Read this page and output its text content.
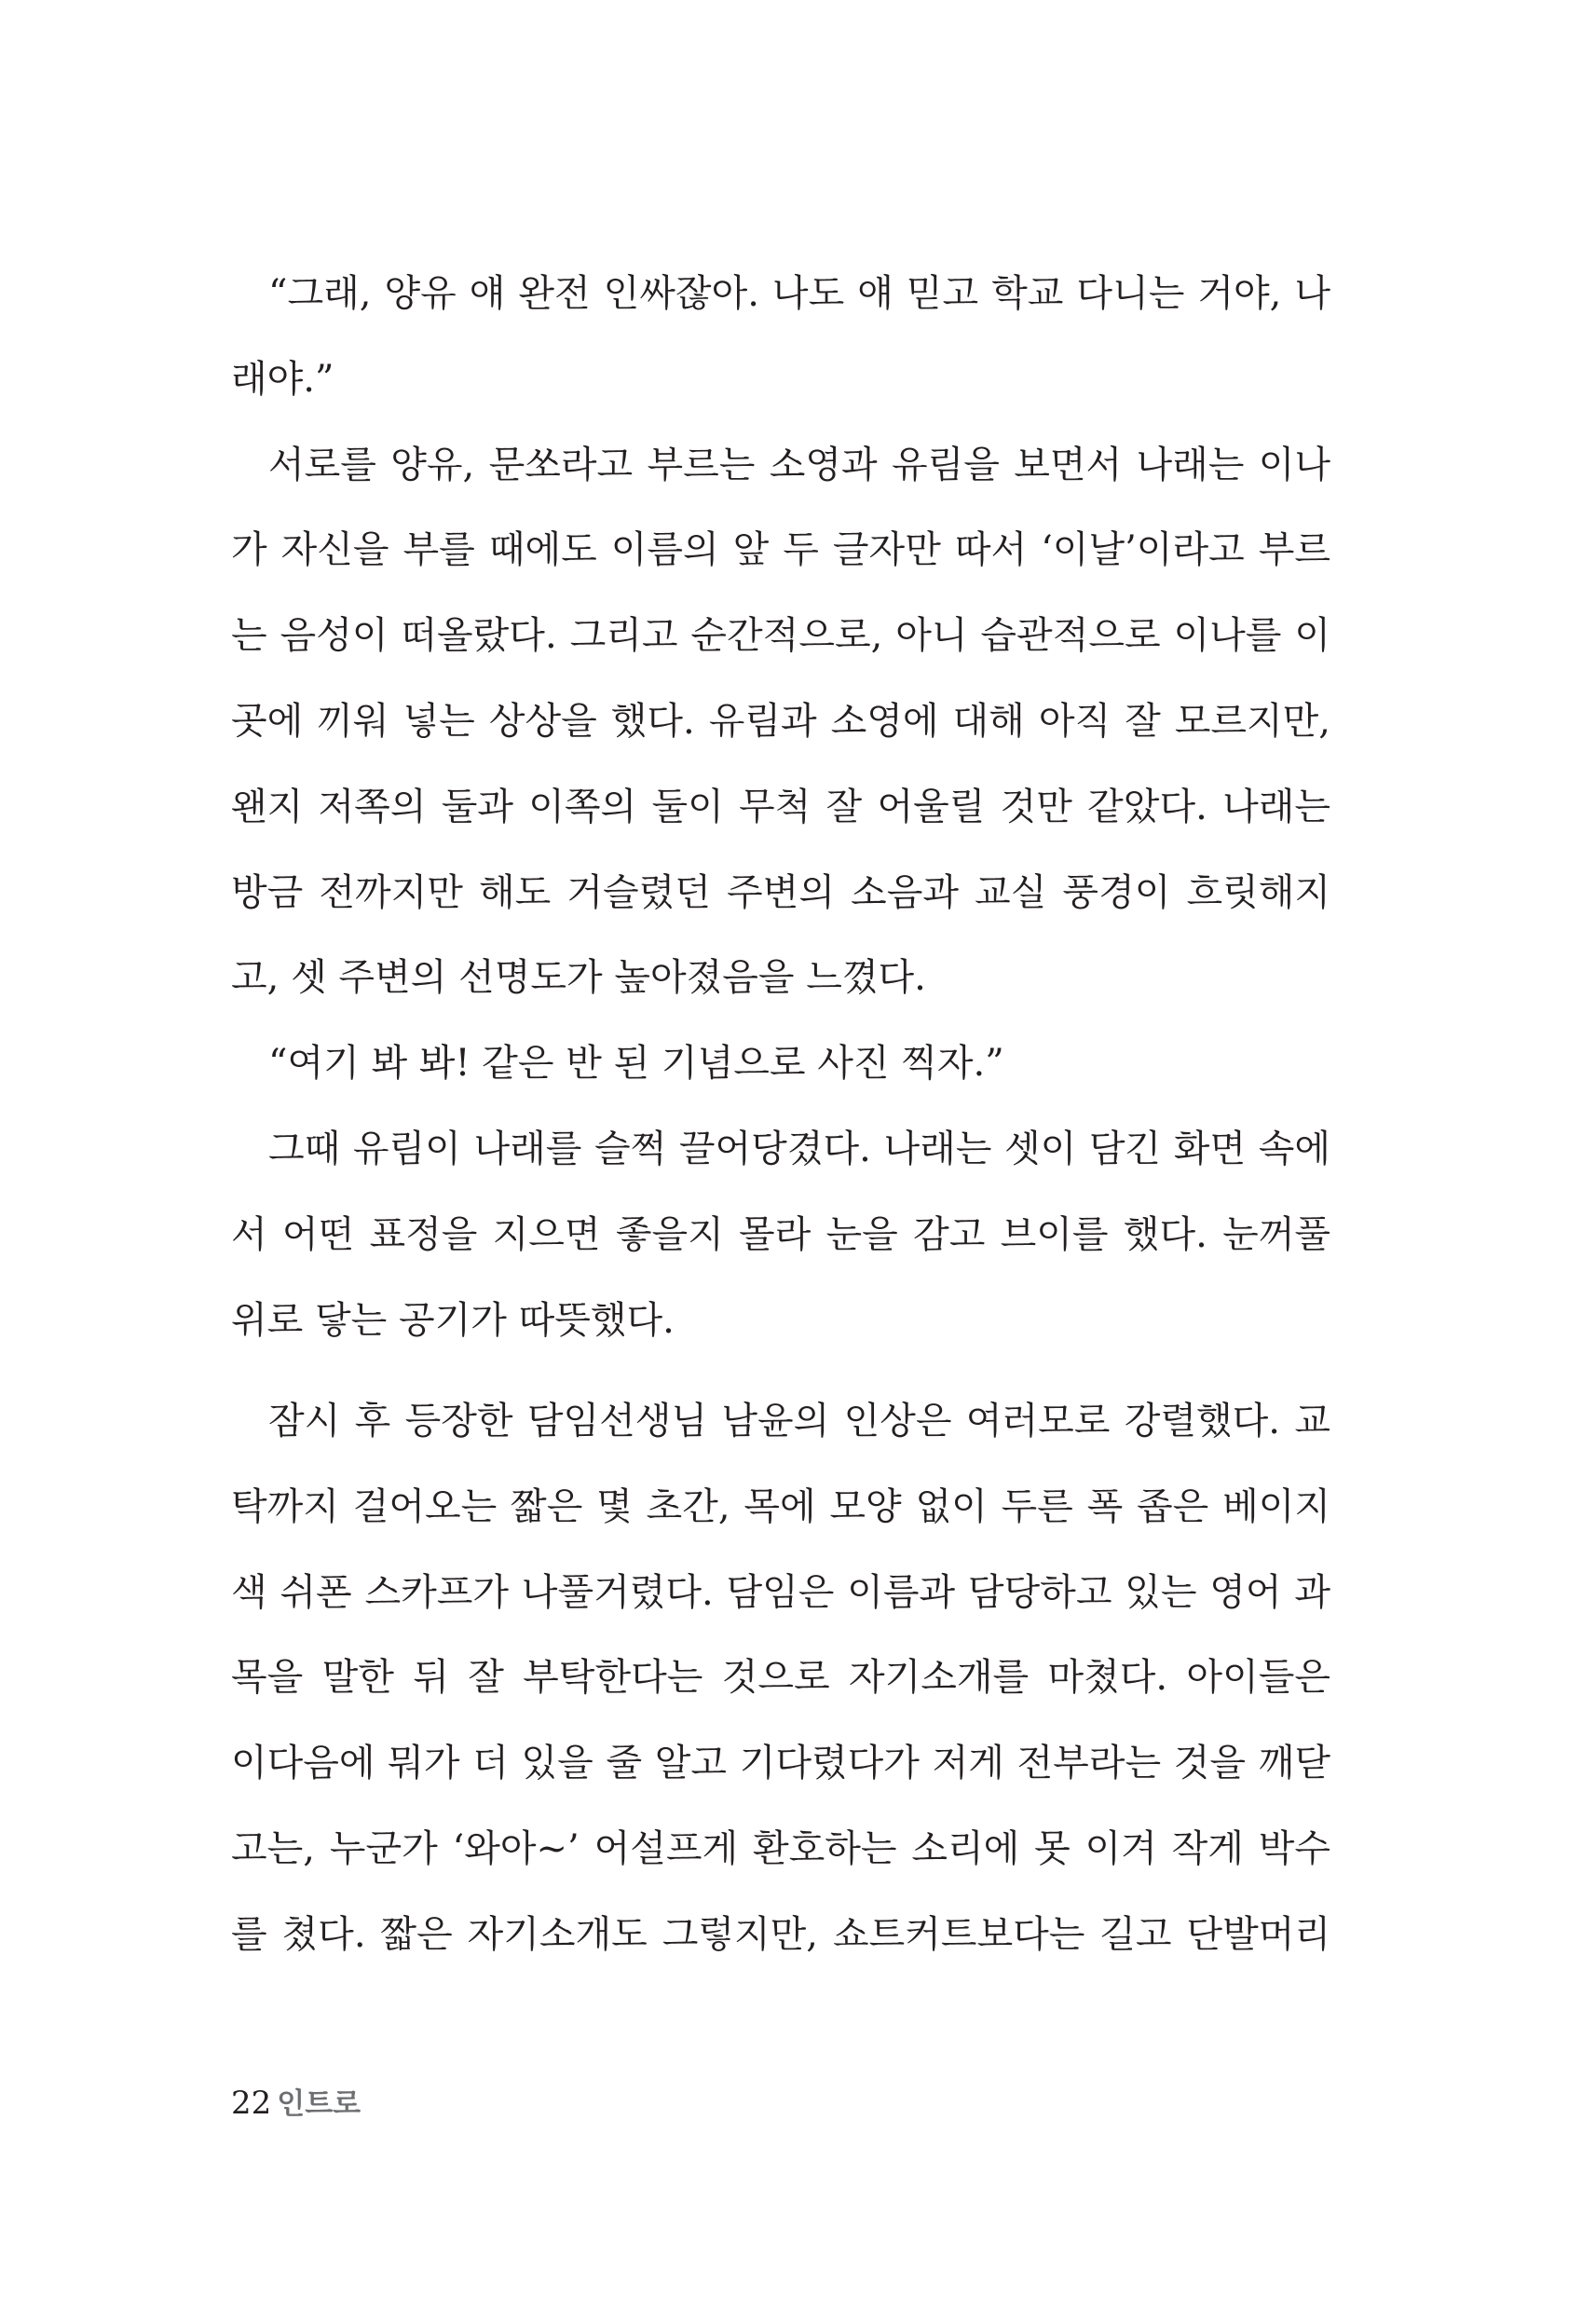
“그래, 양유 얘 완전 인싸잖아. 나도 얘 믿고 학교 다니는 거야, 나
래야.”
서로를 양유, 문쏘라고 부르는 소영과 유림을 보면서 나래는 이나
가 자신을 부를 때에도 이름의 앞 두 글자만 따서 ‘이날’이라고 부르
는 음성이 떠올랐다. 그리고 순간적으로, 아니 습관적으로 이나를 이
곳에 끼워 넣는 상상을 했다. 유림과 소영에 대해 아직 잘 모르지만,
왠지 저쪽의 둘과 이쪽의 둘이 무척 잘 어울릴 것만 같았다. 나래는
방금 전까지만 해도 거슬렸던 주변의 소음과 교실 풍경이 흐릿해지
고, 셋 주변의 선명도가 높아졌음을 느꼈다.
“여기 봐 봐! 같은 반 된 기념으로 사진 찍자.”
그때 유림이 나래를 슬쩍 끌어당겼다. 나래는 셋이 담긴 화면 속에
서 어떤 표정을 지으면 좋을지 몰라 눈을 감고 브이를 했다. 눈꺼풀
위로 닿는 공기가 따뜻했다.
잠시 후 등장한 담임선생님 남윤의 인상은 여러모로 강렬했다. 교
탁까지 걸어오는 짧은 몇 초간, 목에 모양 없이 두른 폭 좁은 베이지
색 쉬폰 스카프가 나풀거렸다. 담임은 이름과 담당하고 있는 영어 과
목을 말한 뒤 잘 부탁한다는 것으로 자기소개를 마쳤다. 아이들은
이다음에 뭐가 더 있을 줄 알고 기다렸다가 저게 전부라는 것을 깨닫
고는, 누군가 ‘와아~’ 어설프게 환호하는 소리에 못 이겨 작게 박수
를 쳤다. 짧은 자기소개도 그렇지만, 쇼트커트보다는 길고 단발머리
22 인트로
